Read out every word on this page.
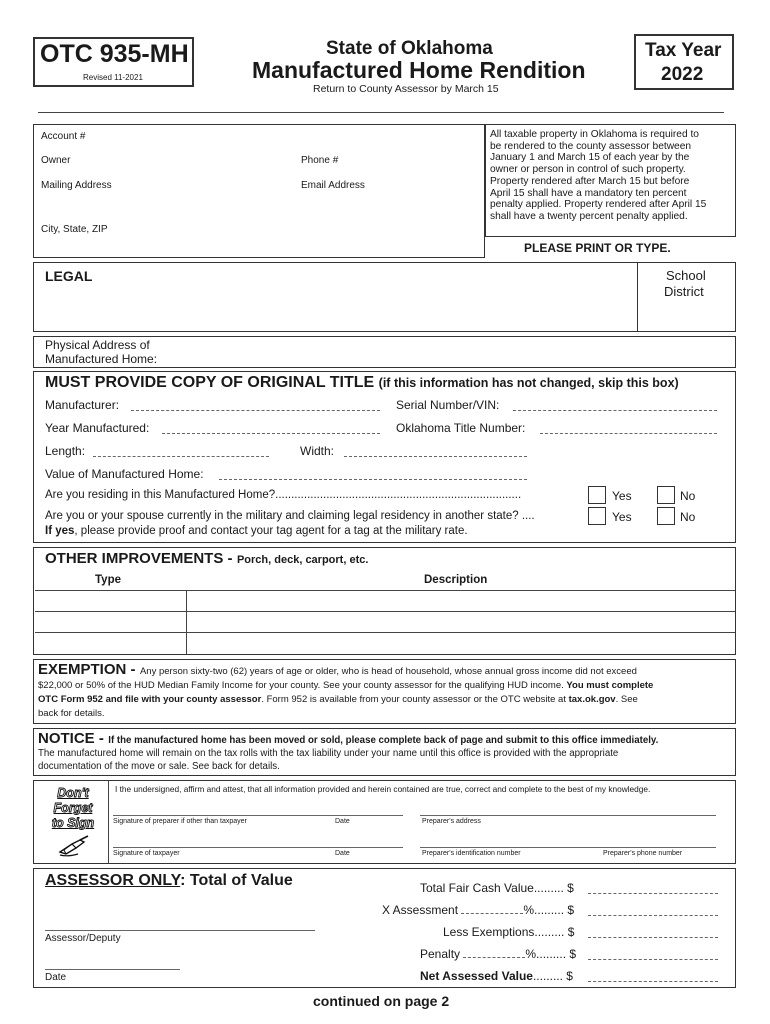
OTC 935-MH
Revised 11-2021
State of Oklahoma
Manufactured Home Rendition
Return to County Assessor by March 15
Tax Year
2022
Account #
Owner	Phone #
Mailing Address	Email Address
City, State, ZIP
All taxable property in Oklahoma is required to
be rendered to the county assessor between
January 1 and March 15 of each year by the
owner or person in control of such property.
Property rendered after March 15 but before
April 15 shall have a mandatory ten percent
penalty applied. Property rendered after April 15
shall have a twenty percent penalty applied.
PLEASE PRINT OR TYPE.
LEGAL	School
District
Physical Address of
Manufactured Home:
MUST PROVIDE COPY OF ORIGINAL TITLE (if this information has not changed, skip this box)
Manufacturer:	Serial Number/VIN:
Year Manufactured:	Oklahoma Title Number:
Length:	Width:
Value of Manufactured Home:
Are you residing in this Manufactured Home?.............................................................................	Yes	No
Are you or your spouse currently in the military and claiming legal residency in another state? ....	Yes	No
If yes, please provide proof and contact your tag agent for a tag at the military rate.
OTHER IMPROVEMENTS - Porch, deck, carport, etc.
Type	Description
EXEMPTION - Any person sixty-two (62) years of age or older, who is head of household, whose annual gross income did not exceed
$22,000 or 50% of the HUD Median Family Income for your county. See your county assessor for the qualifying HUD income. You must complete
OTC Form 952 and file with your county assessor. Form 952 is available from your county assessor or the OTC website at tax.ok.gov. See
back for details.
NOTICE - If the manufactured home has been moved or sold, please complete back of page and submit to this office immediately.
The manufactured home will remain on the tax rolls with the tax liability under your name until this office is provided with the appropriate
documentation of the move or sale. See back for details.
Don't
Forget
to Sign
I the undersigned, affirm and attest, that all information provided and herein contained are true, correct and complete to the best of my knowledge.
Signature of preparer if other than taxpayer	Date	Preparer's address
Signature of taxpayer	Date	Preparer's identification number	Preparer's phone number
ASSESSOR ONLY: Total of Value
Assessor/Deputy
Date
Total Fair Cash Value......... $
X Assessment	%......... $
Less Exemptions......... $
Penalty	%......... $
Net Assessed Value......... $
continued on page 2
